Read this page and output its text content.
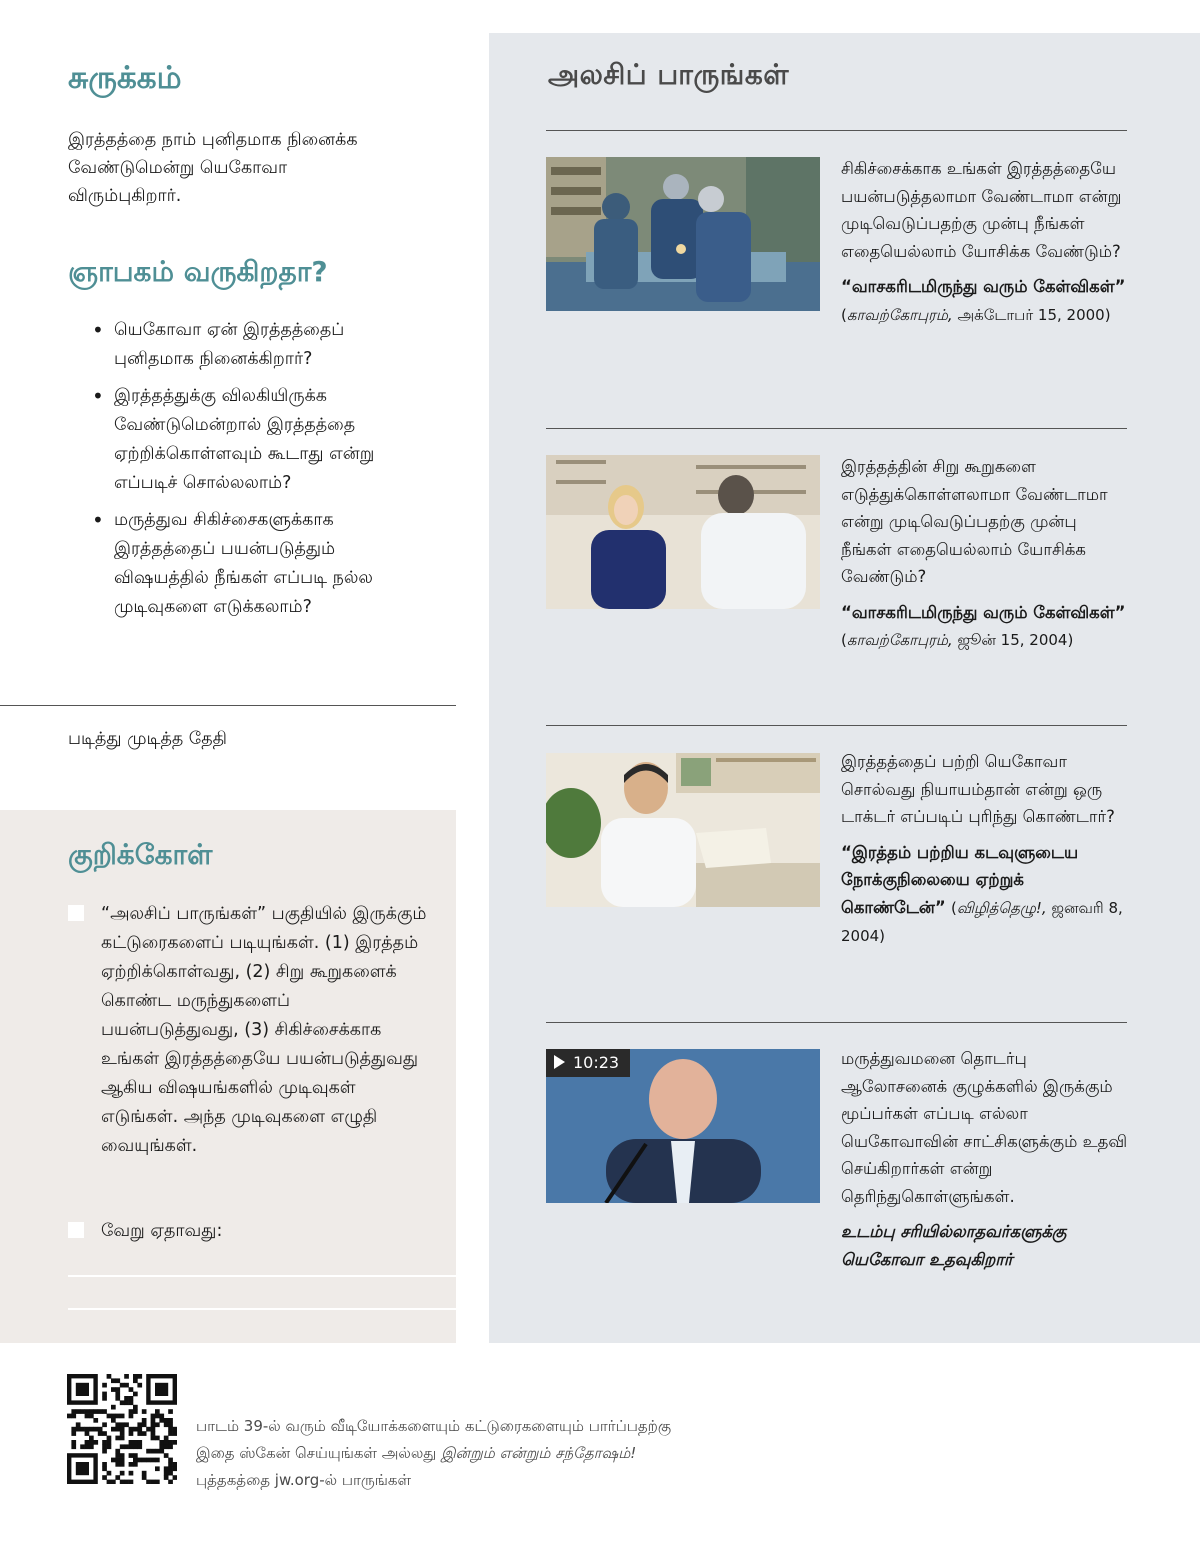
சுருக்கம்

இரத்தத்தை நாம் புனிதமாக நினைக்க வேண்டுமென்று யெகோவா விரும்புகிறார்.

ஞாபகம் வருகிறதா?
• யெகோவா ஏன் இரத்தத்தைப் புனிதமாக நினைக்கிறார்?
• இரத்தத்துக்கு விலகியிருக்க வேண்டுமென்றால் இரத்தத்தை ஏற்றிக்கொள்ளவும் கூடாது என்று எப்படிச் சொல்லலாம்?
• மருத்துவ சிகிச்சைகளுக்காக இரத்தத்தைப் பயன்படுத்தும் விஷயத்தில் நீங்கள் எப்படி நல்ல முடிவுகளை எடுக்கலாம்?
படித்து முடித்த தேதி
குறிக்கோள்
“அலசிப் பாருங்கள்” பகுதியில் இருக்கும் கட்டுரைகளைப் படியுங்கள். (1) இரத்தம் ஏற்றிக்கொள்வது, (2) சிறு கூறுகளைக் கொண்ட மருந்துகளைப் பயன்படுத்துவது, (3) சிகிச்சைக்காக உங்கள் இரத்தத்தையே பயன்படுத்துவது ஆகிய விஷயங்களில் முடிவுகள் எடுங்கள். அந்த முடிவுகளை எழுதி வையுங்கள்.
வேறு ஏதாவது:
அலசிப் பாருங்கள்
சிகிச்சைக்காக உங்கள் இரத்தத்தையே பயன்படுத்தலாமா வேண்டாமா என்று முடிவெடுப்பதற்கு முன்பு நீங்கள் எதையெல்லாம் யோசிக்க வேண்டும்?
“வாசகரிடமிருந்து வரும் கேள்விகள்” (காவற்கோபுரம், அக்டோபர் 15, 2000)
இரத்தத்தின் சிறு கூறுகளை எடுத்துக்கொள்ளலாமா வேண்டாமா என்று முடிவெடுப்பதற்கு முன்பு நீங்கள் எதையெல்லாம் யோசிக்க வேண்டும்?
“வாசகரிடமிருந்து வரும் கேள்விகள்” (காவற்கோபுரம், ஜூன் 15, 2004)
இரத்தத்தைப் பற்றி யெகோவா சொல்வது நியாயம்தான் என்று ஒரு டாக்டர் எப்படிப் புரிந்து கொண்டார்?
“இரத்தம் பற்றிய கடவுளுடைய நோக்குநிலையை ஏற்றுக் கொண்டேன்” (விழித்தெழு!, ஜனவரி 8, 2004)
10:23	மருத்துவமனை தொடர்பு ஆலோசனைக் குழுக்களில் இருக்கும் மூப்பர்கள் எப்படி எல்லா யெகோவாவின் சாட்சிகளுக்கும் உதவி செய்கிறார்கள் என்று தெரிந்துகொள்ளுங்கள்.
உடம்பு சரியில்லாதவர்களுக்கு யெகோவா உதவுகிறார்

பாடம் 39-ல் வரும் வீடியோக்களையும் கட்டுரைகளையும் பார்ப்பதற்கு இதை ஸ்கேன் செய்யுங்கள் அல்லது இன்றும் என்றும் சந்தோஷம்! புத்தகத்தை jw.org-ல் பாருங்கள்
